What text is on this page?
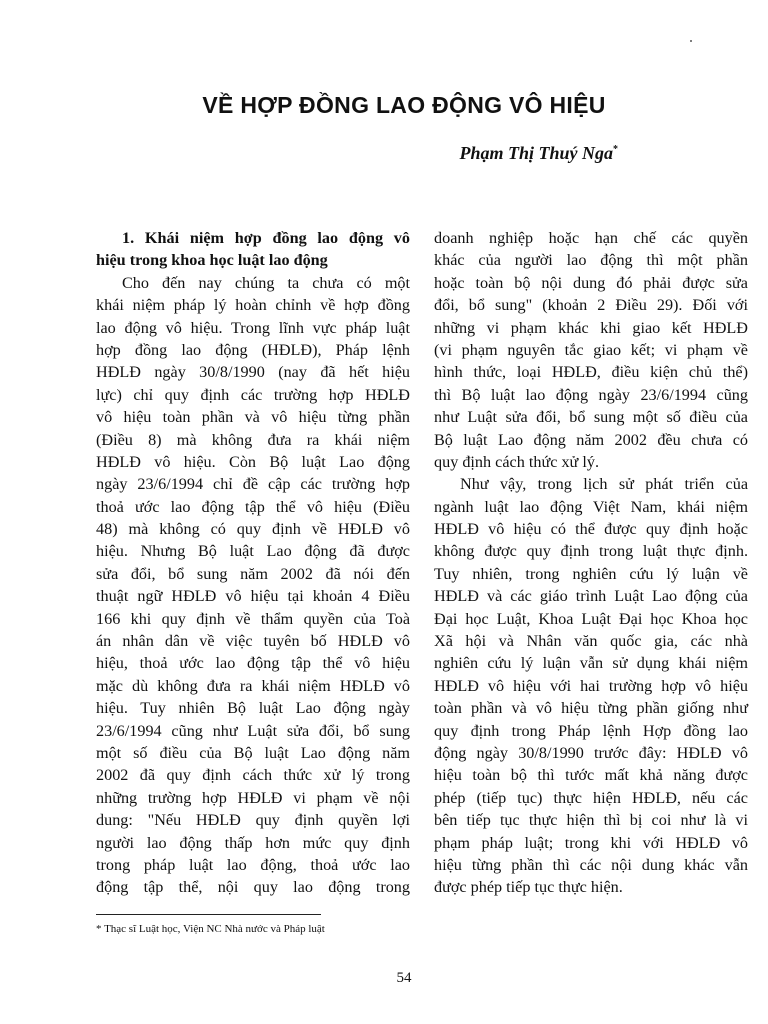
VỀ HỢP ĐỒNG LAO ĐỘNG VÔ HIỆU
Phạm Thị Thuý Nga*
1. Khái niệm hợp đồng lao động vô
hiệu trong khoa học luật lao động
Cho đến nay chúng ta chưa có một
khái niệm pháp lý hoàn chỉnh về hợp đồng
lao động vô hiệu. Trong lĩnh vực pháp luật
hợp đồng lao động (HĐLĐ), Pháp lệnh
HĐLĐ ngày 30/8/1990 (nay đã hết hiệu
lực) chỉ quy định các trường hợp HĐLĐ
vô hiệu toàn phần và vô hiệu từng phần
(Điều 8) mà không đưa ra khái niệm
HĐLĐ vô hiệu. Còn Bộ luật Lao động
ngày 23/6/1994 chỉ đề cập các trường hợp
thoả ước lao động tập thể vô hiệu (Điều
48) mà không có quy định về HĐLĐ vô
hiệu. Nhưng Bộ luật Lao động đã được
sửa đổi, bổ sung năm 2002 đã nói đến
thuật ngữ HĐLĐ vô hiệu tại khoản 4 Điều
166 khi quy định về thẩm quyền của Toà
án nhân dân về việc tuyên bố HĐLĐ vô
hiệu, thoả ước lao động tập thể vô hiệu
mặc dù không đưa ra khái niệm HĐLĐ vô
hiệu. Tuy nhiên Bộ luật Lao động ngày
23/6/1994 cũng như Luật sửa đổi, bổ sung
một số điều của Bộ luật Lao động năm
2002 đã quy định cách thức xử lý trong
những trường hợp HĐLĐ vi phạm về nội
dung: "Nếu HĐLĐ quy định quyền lợi
người lao động thấp hơn mức quy định
trong pháp luật lao động, thoả ước lao
động tập thể, nội quy lao động trong
doanh nghiệp hoặc hạn chế các quyền
khác của người lao động thì một phần
hoặc toàn bộ nội dung đó phải được sửa
đổi, bổ sung" (khoản 2 Điều 29). Đối với
những vi phạm khác khi giao kết HĐLĐ
(vi phạm nguyên tắc giao kết; vi phạm về
hình thức, loại HĐLĐ, điều kiện chủ thể)
thì Bộ luật lao động ngày 23/6/1994 cũng
như Luật sửa đổi, bổ sung một số điều của
Bộ luật Lao động năm 2002 đều chưa có
quy định cách thức xử lý.
Như vậy, trong lịch sử phát triển của
ngành luật lao động Việt Nam, khái niệm
HĐLĐ vô hiệu có thể được quy định hoặc
không được quy định trong luật thực định.
Tuy nhiên, trong nghiên cứu lý luận về
HĐLĐ và các giáo trình Luật Lao động của
Đại học Luật, Khoa Luật Đại học Khoa học
Xã hội và Nhân văn quốc gia, các nhà
nghiên cứu lý luận vẫn sử dụng khái niệm
HĐLĐ vô hiệu với hai trường hợp vô hiệu
toàn phần và vô hiệu từng phần giống như
quy định trong Pháp lệnh Hợp đồng lao
động ngày 30/8/1990 trước đây: HĐLĐ vô
hiệu toàn bộ thì tước mất khả năng được
phép (tiếp tục) thực hiện HĐLĐ, nếu các
bên tiếp tục thực hiện thì bị coi như là vi
phạm pháp luật; trong khi với HĐLĐ vô
hiệu từng phần thì các nội dung khác vẫn
được phép tiếp tục thực hiện.
* Thạc sĩ Luật học, Viện NC Nhà nước và Pháp luật
54
